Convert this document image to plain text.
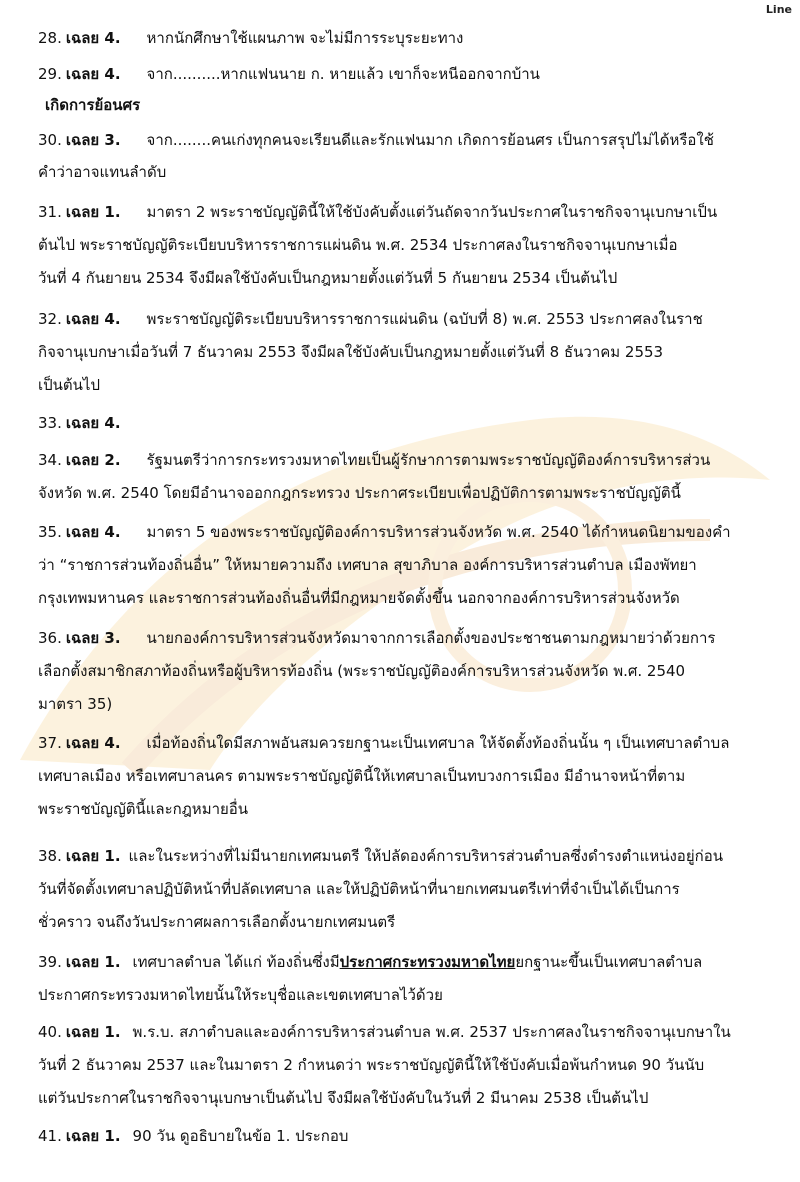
Line
28. เฉลย 4. หากนักศึกษาใช้แผนภาพ จะไม่มีการระบุระยะทาง
29. เฉลย 4. จาก..........หากแฟนนาย ก. หายแล้ว เขาก็จะหนีออกจากบ้าน
เกิดการย้อนศร
30. เฉลย 3. จาก........คนเก่งทุกคนจะเรียนดีและรักแฟนมาก เกิดการย้อนศร เป็นการสรุปไม่ได้หรือใช้
คำว่าอาจแทนลำดับ
31. เฉลย 1. มาตรา 2 พระราชบัญญัตินี้ให้ใช้บังคับตั้งแต่วันถัดจากวันประกาศในราชกิจจานุเบกษาเป็น
ต้นไป พระราชบัญญัติระเบียบบริหารราชการแผ่นดิน พ.ศ. 2534 ประกาศลงในราชกิจจานุเบกษาเมื่อ
วันที่ 4 กันยายน 2534 จึงมีผลใช้บังคับเป็นกฎหมายตั้งแต่วันที่ 5 กันยายน 2534 เป็นต้นไป
32. เฉลย 4. พระราชบัญญัติระเบียบบริหารราชการแผ่นดิน (ฉบับที่ 8) พ.ศ. 2553 ประกาศลงในราช
กิจจานุเบกษาเมื่อวันที่ 7 ธันวาคม 2553 จึงมีผลใช้บังคับเป็นกฎหมายตั้งแต่วันที่ 8 ธันวาคม 2553
เป็นต้นไป
33. เฉลย 4.
34. เฉลย 2. รัฐมนตรีว่าการกระทรวงมหาดไทยเป็นผู้รักษาการตามพระราชบัญญัติองค์การบริหารส่วน
จังหวัด พ.ศ. 2540 โดยมีอำนาจออกกฎกระทรวง ประกาศระเบียบเพื่อปฏิบัติการตามพระราชบัญญัตินี้
35. เฉลย 4. มาตรา 5 ของพระราชบัญญัติองค์การบริหารส่วนจังหวัด พ.ศ. 2540 ได้กำหนดนิยามของคำ
ว่า “ราชการส่วนท้องถิ่นอื่น” ให้หมายความถึง เทศบาล สุขาภิบาล องค์การบริหารส่วนตำบล เมืองพัทยา
กรุงเทพมหานคร และราชการส่วนท้องถิ่นอื่นที่มีกฎหมายจัดตั้งขึ้น นอกจากองค์การบริหารส่วนจังหวัด
36. เฉลย 3. นายกองค์การบริหารส่วนจังหวัดมาจากการเลือกตั้งของประชาชนตามกฎหมายว่าด้วยการ
เลือกตั้งสมาชิกสภาท้องถิ่นหรือผู้บริหารท้องถิ่น (พระราชบัญญัติองค์การบริหารส่วนจังหวัด พ.ศ. 2540
มาตรา 35)
37. เฉลย 4. เมื่อท้องถิ่นใดมีสภาพอันสมควรยกฐานะเป็นเทศบาล ให้จัดตั้งท้องถิ่นนั้น ๆ เป็นเทศบาลตำบล
เทศบาลเมือง หรือเทศบาลนคร ตามพระราชบัญญัตินี้ให้เทศบาลเป็นทบวงการเมือง มีอำนาจหน้าที่ตาม
พระราชบัญญัตินี้และกฎหมายอื่น
38. เฉลย 1. และในระหว่างที่ไม่มีนายกเทศมนตรี ให้ปลัดองค์การบริหารส่วนตำบลซึ่งดำรงตำแหน่งอยู่ก่อน
วันที่จัดตั้งเทศบาลปฏิบัติหน้าที่ปลัดเทศบาล และให้ปฏิบัติหน้าที่นายกเทศมนตรีเท่าที่จำเป็นได้เป็นการ
ชั่วคราว จนถึงวันประกาศผลการเลือกตั้งนายกเทศมนตรี
39. เฉลย 1. เทศบาลตำบล ได้แก่ ท้องถิ่นซึ่งมีประกาศกระทรวงมหาดไทยยกฐานะขึ้นเป็นเทศบาลตำบล
ประกาศกระทรวงมหาดไทยนั้นให้ระบุชื่อและเขตเทศบาลไว้ด้วย
40. เฉลย 1. พ.ร.บ. สภาตำบลและองค์การบริหารส่วนตำบล พ.ศ. 2537 ประกาศลงในราชกิจจานุเบกษาใน
วันที่ 2 ธันวาคม 2537 และในมาตรา 2 กำหนดว่า พระราชบัญญัตินี้ให้ใช้บังคับเมื่อพ้นกำหนด 90 วันนับ
แต่วันประกาศในราชกิจจานุเบกษาเป็นต้นไป จึงมีผลใช้บังคับในวันที่ 2 มีนาคม 2538 เป็นต้นไป
41. เฉลย 1. 90 วัน ดูอธิบายในข้อ 1. ประกอบ
